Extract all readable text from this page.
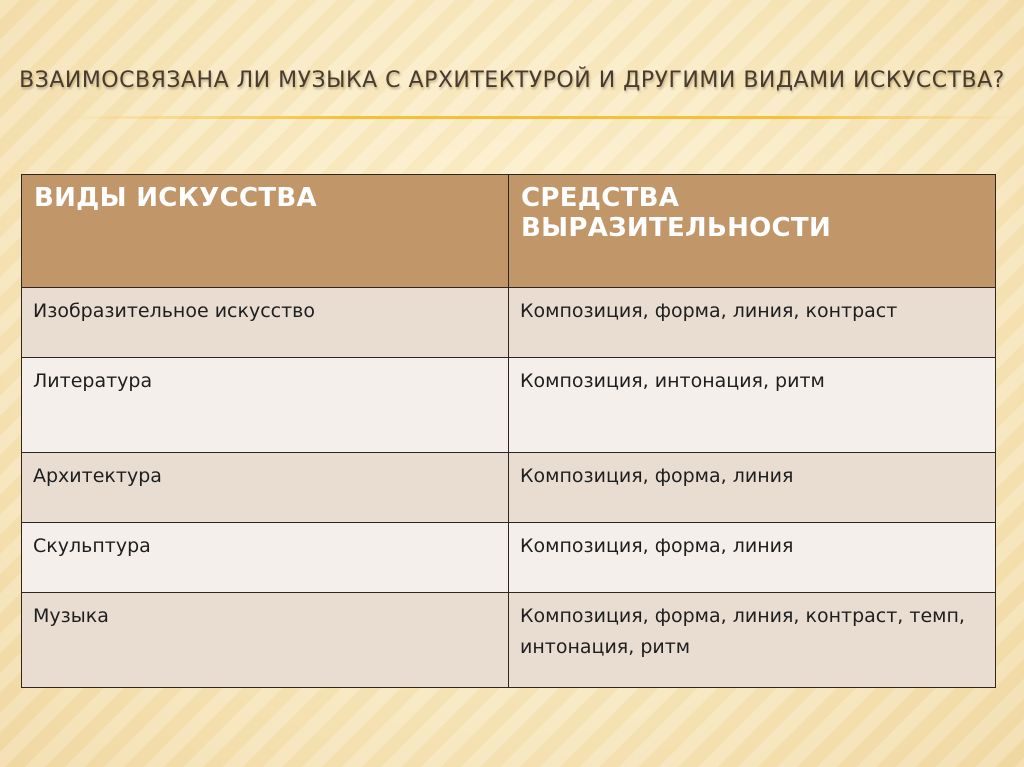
ВЗАИМОСВЯЗАНА ЛИ МУЗЫКА С АРХИТЕКТУРОЙ И ДРУГИМИ ВИДАМИ ИСКУССТВА?
ВИДЫ ИСКУССТВА	СРЕДСТВА ВЫРАЗИТЕЛЬНОСТИ
Изобразительное искусство	Композиция, форма, линия, контраст
Литература	Композиция, интонация, ритм
Архитектура	Композиция, форма, линия
Скульптура	Композиция, форма, линия
Музыка	Композиция, форма, линия, контраст, темп, интонация, ритм
